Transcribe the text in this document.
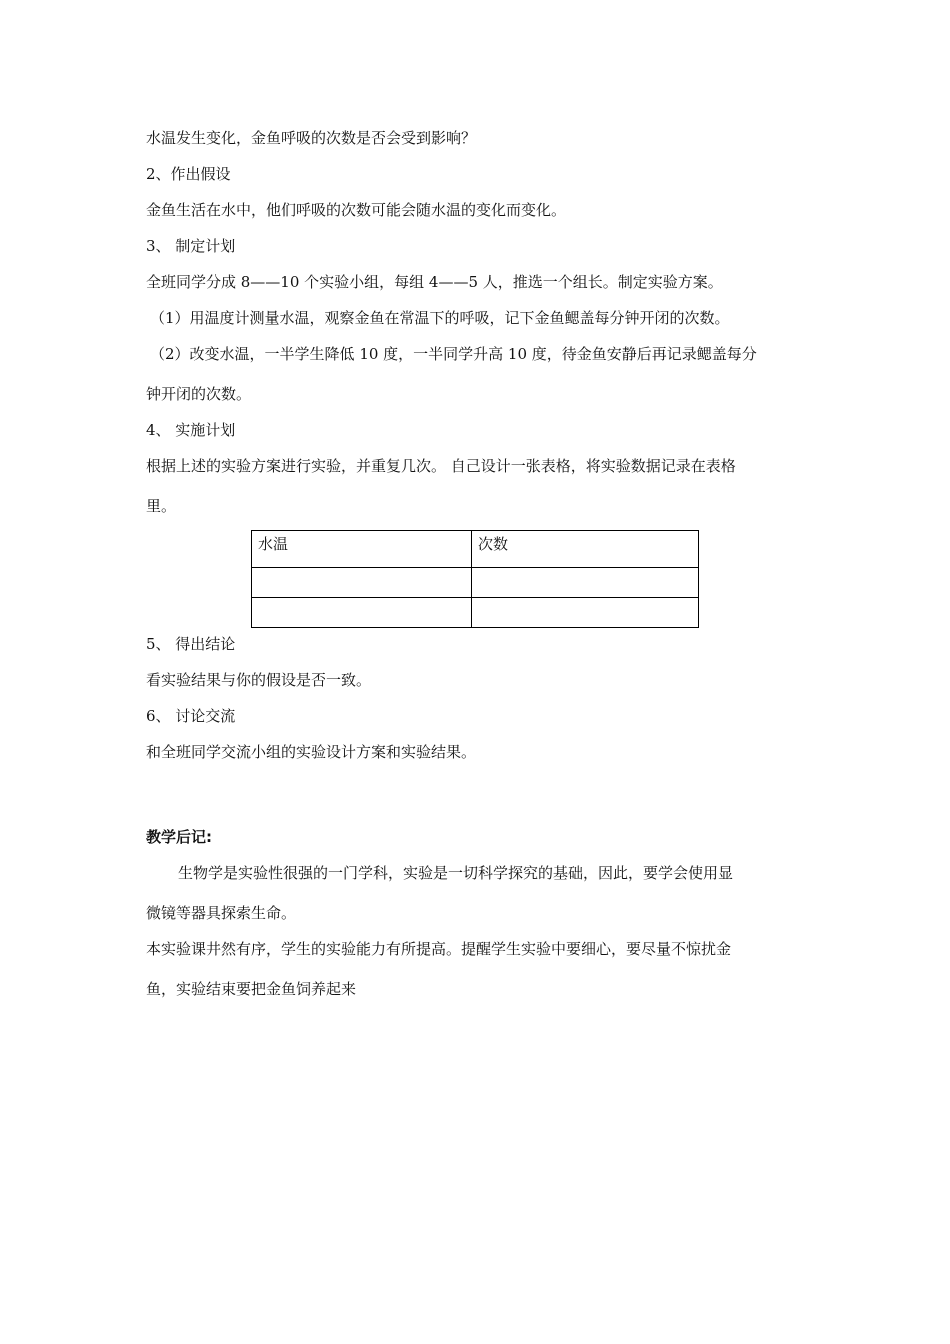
水温发生变化，金鱼呼吸的次数是否会受到影响？
2、作出假设
金鱼生活在水中，他们呼吸的次数可能会随水温的变化而变化。
3、 制定计划
全班同学分成 8——10 个实验小组，每组 4——5 人，推选一个组长。制定实验方案。
（1）用温度计测量水温，观察金鱼在常温下的呼吸，记下金鱼鳃盖每分钟开闭的次数。
（2）改变水温，一半学生降低 10 度，一半同学升高 10 度，待金鱼安静后再记录鳃盖每分
钟开闭的次数。
4、 实施计划
根据上述的实验方案进行实验，并重复几次。 自己设计一张表格，将实验数据记录在表格
里。
水温	次数

5、 得出结论
看实验结果与你的假设是否一致。
6、 讨论交流
和全班同学交流小组的实验设计方案和实验结果。
教学后记:
生物学是实验性很强的一门学科，实验是一切科学探究的基础，因此，要学会使用显
微镜等器具探索生命。
本实验课井然有序，学生的实验能力有所提高。提醒学生实验中要细心，要尽量不惊扰金
鱼，实验结束要把金鱼饲养起来
